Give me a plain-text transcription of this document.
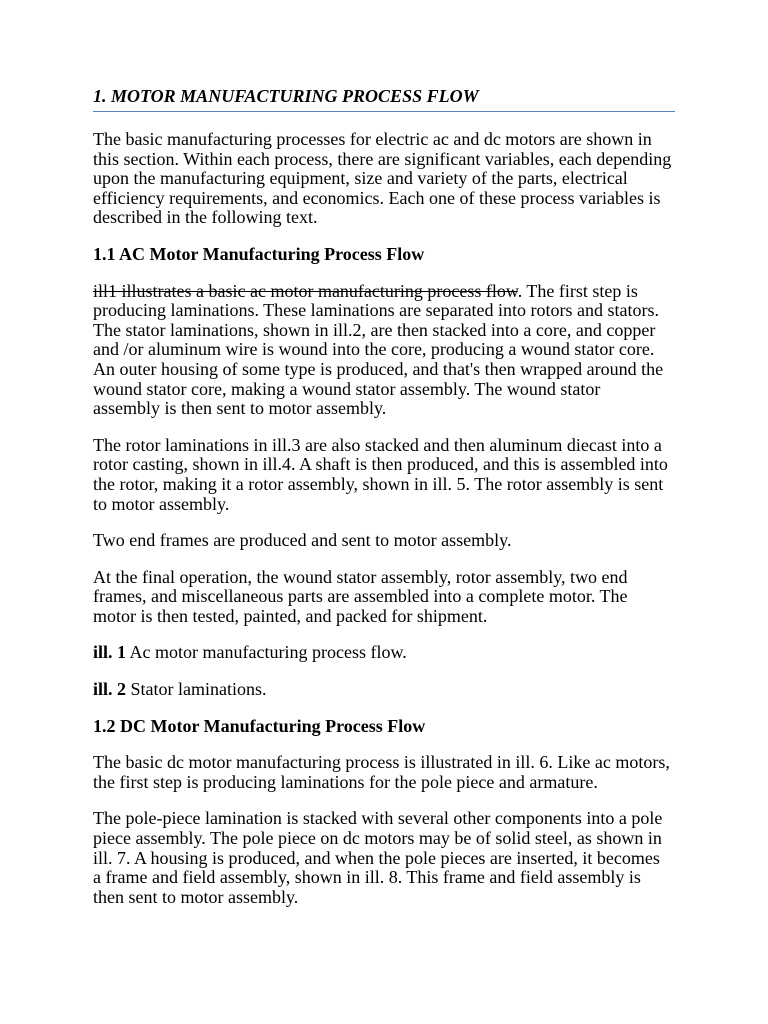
1. MOTOR MANUFACTURING PROCESS FLOW

The basic manufacturing processes for electric ac and dc motors are shown in
this section. Within each process, there are significant variables, each depending
upon the manufacturing equipment, size and variety of the parts, electrical
efficiency requirements, and economics. Each one of these process variables is
described in the following text.

1.1 AC Motor Manufacturing Process Flow

ill1 illustrates a basic ac motor manufacturing process flow. The first step is
producing laminations. These laminations are separated into rotors and stators.
The stator laminations, shown in ill.2, are then stacked into a core, and copper
and /or aluminum wire is wound into the core, producing a wound stator core.
An outer housing of some type is produced, and that's then wrapped around the
wound stator core, making a wound stator assembly. The wound stator
assembly is then sent to motor assembly.

The rotor laminations in ill.3 are also stacked and then aluminum diecast into a
rotor casting, shown in ill.4. A shaft is then produced, and this is assembled into
the rotor, making it a rotor assembly, shown in ill. 5. The rotor assembly is sent
to motor assembly.

Two end frames are produced and sent to motor assembly.

At the final operation, the wound stator assembly, rotor assembly, two end
frames, and miscellaneous parts are assembled into a complete motor. The
motor is then tested, painted, and packed for shipment.

ill. 1 Ac motor manufacturing process flow.

ill. 2 Stator laminations.

1.2 DC Motor Manufacturing Process Flow

The basic dc motor manufacturing process is illustrated in ill. 6. Like ac motors,
the first step is producing laminations for the pole piece and armature.

The pole-piece lamination is stacked with several other components into a pole
piece assembly. The pole piece on dc motors may be of solid steel, as shown in
ill. 7. A housing is produced, and when the pole pieces are inserted, it becomes
a frame and field assembly, shown in ill. 8. This frame and field assembly is
then sent to motor assembly.
